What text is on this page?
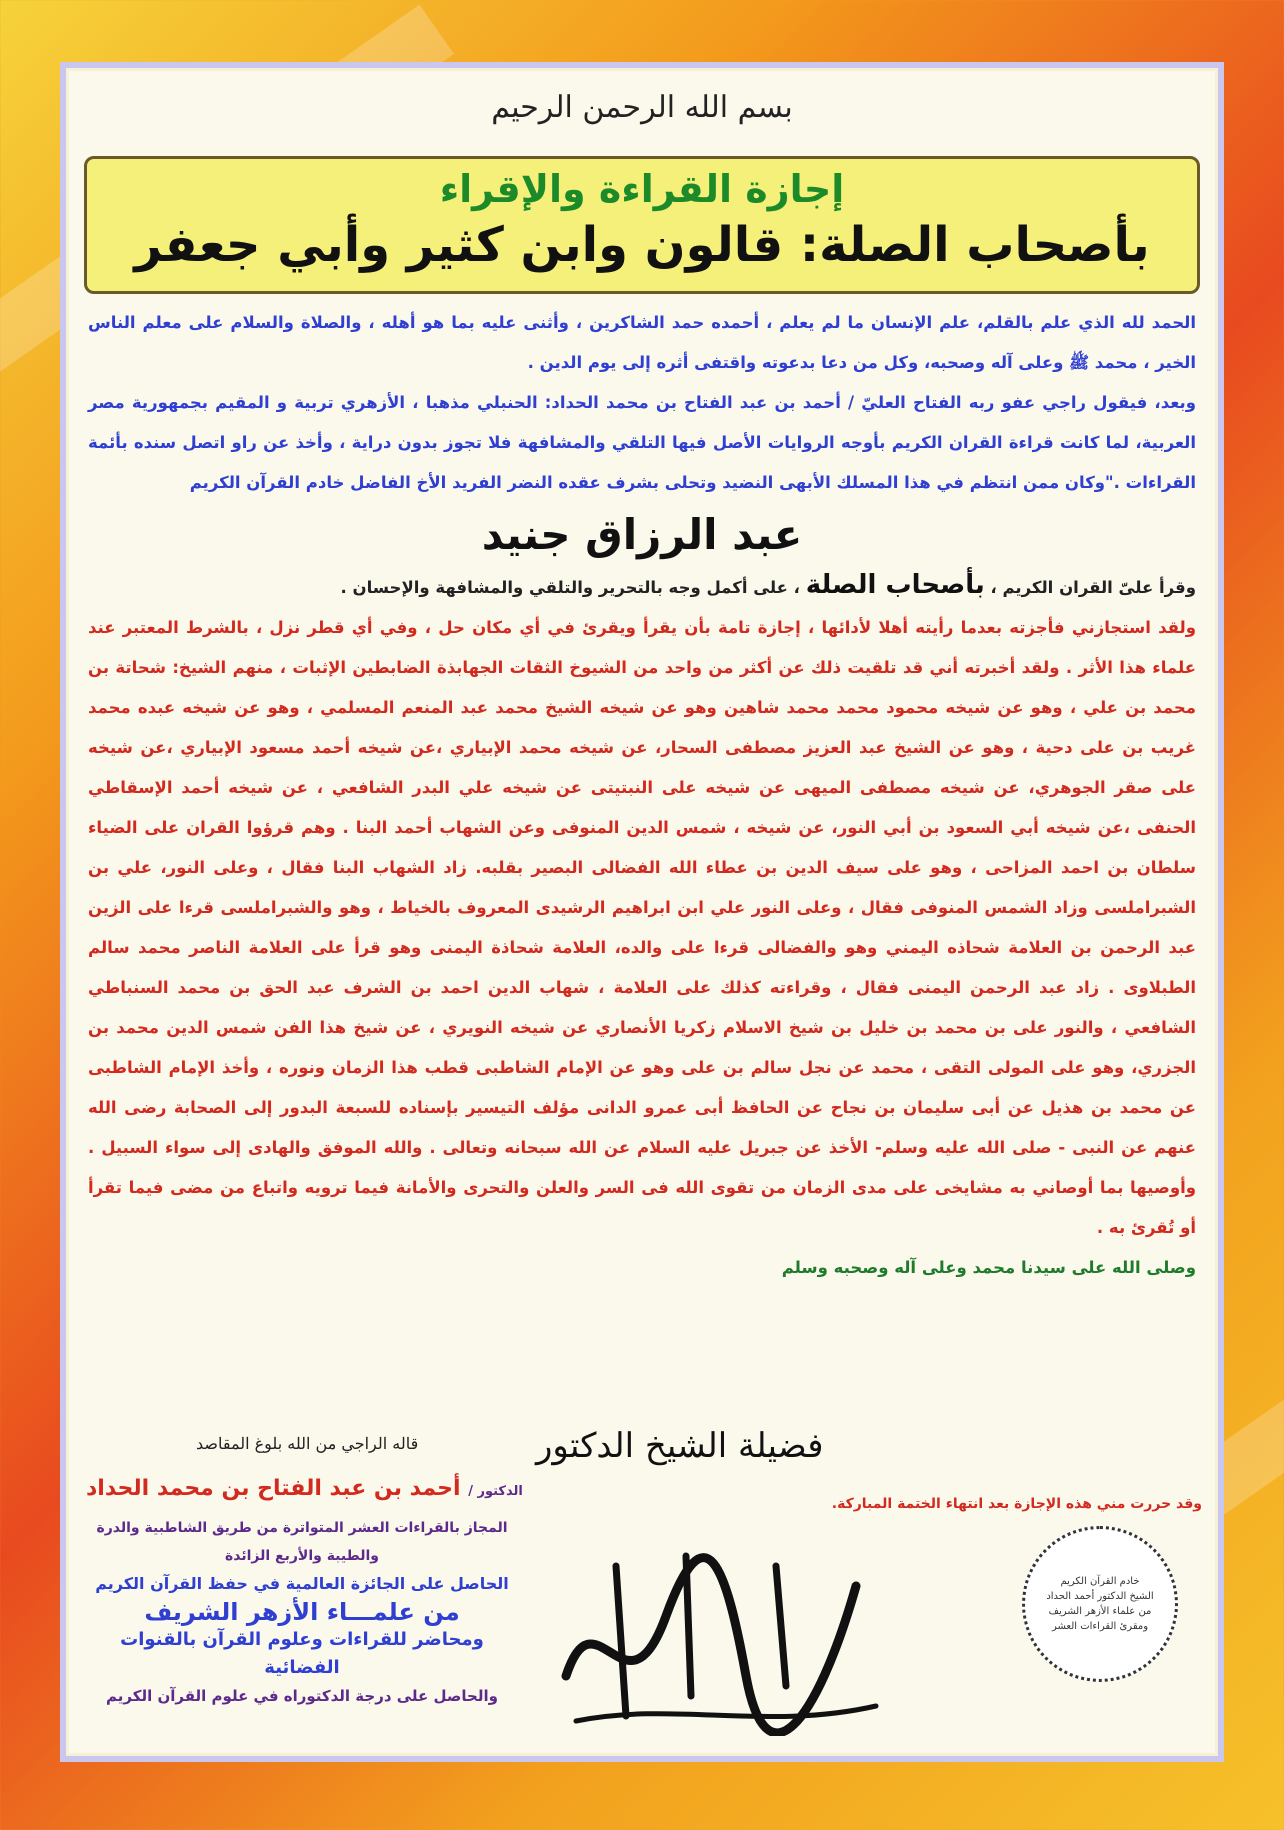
بسم الله الرحمن الرحيم
إجازة القراءة والإقراء
بأصحاب الصلة: قالون وابن كثير وأبي جعفر

الحمد لله الذي علم بالقلم، علم الإنسان ما لم يعلم ، أحمده حمد الشاكرين ، وأثنى عليه بما هو أهله ، والصلاة والسلام على معلم الناس الخير ، محمد ﷺ وعلى آله وصحبه، وكل من دعا بدعوته واقتفى أثره إلى يوم الدين .

وبعد، فيقول راجي عفو ربه الفتاح العليّ / أحمد بن عبد الفتاح بن محمد الحداد: الحنبلي مذهبا ، الأزهري تربية و المقيم بجمهورية مصر العربية، لما كانت قراءة القران الكريم بأوجه الروايات الأصل فيها التلقي والمشافهة فلا تجوز بدون دراية ، وأخذ عن راو اتصل سنده بأئمة القراءات ."وكان ممن انتظم في هذا المسلك الأبهى النضيد وتحلى بشرف عقده النضر الفريد الأخ الفاضل خادم القرآن الكريم

عبد الرزاق جنيد

وقرأ علىّ القران الكريم ، بأصحاب الصلة ، على أكمل وجه بالتحرير والتلقي والمشافهة والإحسان .

ولقد استجازني فأجزته بعدما رأيته أهلا لأدائها ، إجازة تامة بأن يقرأ ويقرئ في أي مكان حل ، وفي أي قطر نزل ، بالشرط المعتبر عند علماء هذا الأثر . ولقد أخبرته أني قد تلقيت ذلك عن أكثر من واحد من الشيوخ الثقات الجهابذة الضابطين الإثبات ، منهم الشيخ: شحاتة بن محمد بن علي ، وهو عن شيخه محمود محمد محمد شاهين وهو عن شيخه الشيخ محمد عبد المنعم المسلمي ، وهو عن شيخه عبده محمد غريب بن على دحية ، وهو عن الشيخ عبد العزيز مصطفى السحار، عن شيخه محمد الإبياري ،عن شيخه أحمد مسعود الإبياري ،عن شيخه على صقر الجوهري، عن شيخه مصطفى الميهى عن شيخه على النبتيتى عن شيخه علي البدر الشافعي ، عن شيخه أحمد الإسقاطي الحنفى ،عن شيخه أبي السعود بن أبي النور، عن شيخه ، شمس الدين المنوفى وعن الشهاب أحمد البنا . وهم قرؤوا القران على الضياء سلطان بن احمد المزاحى ، وهو على سيف الدين بن عطاء الله الفضالى البصير بقلبه. زاد الشهاب البنا فقال ، وعلى النور، علي بن الشبراملسى وزاد الشمس المنوفى فقال ، وعلى النور علي ابن ابراهيم الرشيدى المعروف بالخياط ، وهو والشبراملسى قرءا على الزين عبد الرحمن بن العلامة شحاذه اليمني وهو والفضالى قرءا على والده، العلامة شحاذة اليمنى وهو قرأ على العلامة الناصر محمد سالم الطبلاوى . زاد عبد الرحمن اليمنى فقال ، وقراءته كذلك على العلامة ، شهاب الدين احمد بن الشرف عبد الحق بن محمد السنباطي الشافعي ، والنور على بن محمد بن خليل بن شيخ الاسلام زكريا الأنصاري عن شيخه النويري ، عن شيخ هذا الفن شمس الدين محمد بن الجزري، وهو على المولى التقى ، محمد عن نجل سالم بن على وهو عن الإمام الشاطبى قطب هذا الزمان ونوره ، وأخذ الإمام الشاطبى عن محمد بن هذيل عن أبى سليمان بن نجاح عن الحافظ أبى عمرو الدانى مؤلف التيسير بإسناده للسبعة البدور إلى الصحابة رضى الله عنهم عن النبى - صلى الله عليه وسلم- الأخذ عن جبريل عليه السلام عن الله سبحانه وتعالى . والله الموفق والهادى إلى سواء السبيل . وأوصيها بما أوصاني به مشايخى على مدى الزمان من تقوى الله فى السر والعلن والتحرى والأمانة فيما ترويه واتباع من مضى فيما تقرأ أو تُقرئ به .

وصلى الله على سيدنا محمد وعلى آله وصحبه وسلم

قاله الراجي من الله بلوغ المقاصد
الدكتور / أحمد بن عبد الفتاح بن محمد الحداد
المجاز بالقراءات العشر المتواترة من طريق الشاطبية والدرة والطيبة والأربع الزائدة
الحاصل على الجائزة العالمية في حفظ القرآن الكريم
من علمـــاء الأزهر الشريف
ومحاضر للقراءات وعلوم القرآن بالقنوات الفضائية
والحاصل على درجة الدكتوراه في علوم القرآن الكريم
فضيلة الشيخ الدكتور
وقد حررت مني هذه الإجازة بعد انتهاء الختمة المباركة.
خادم القرآن الكريم
الشيخ الدكتور أحمد الحداد
من علماء الأزهر الشريف
ومقرئ القراءات العشر
